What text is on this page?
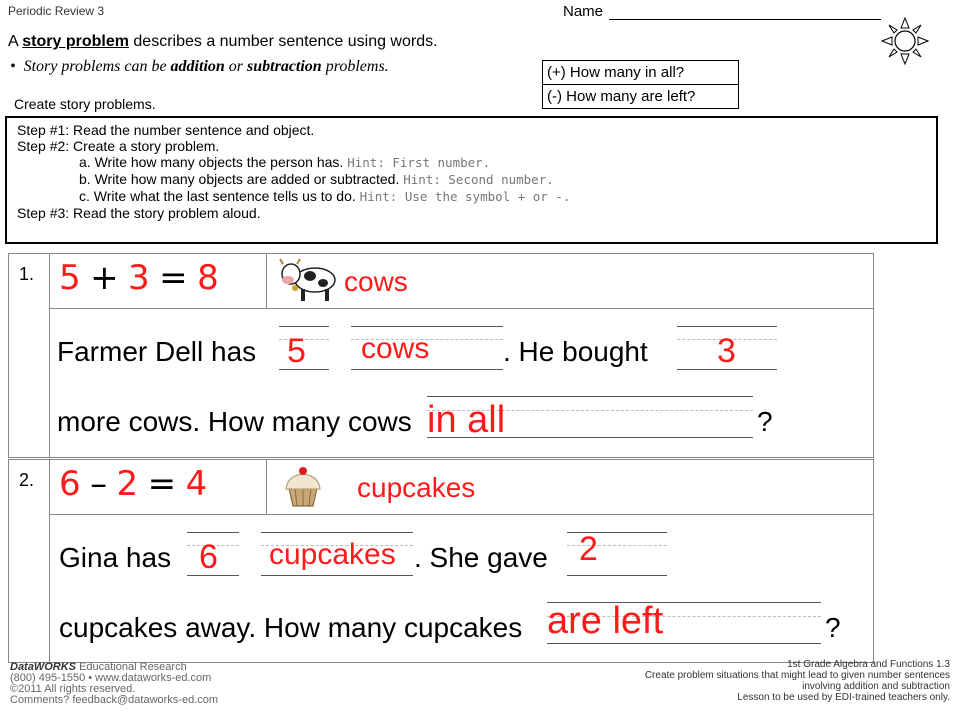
Periodic Review 3	Name
A story problem describes a number sentence using words.
•  Story problems can be addition or subtraction problems.	(+) How many in all?
(-) How many are left?
Create story problems.
Step #1: Read the number sentence and object.
Step #2: Create a story problem.
a. Write how many objects the person has. Hint: First number.
b. Write how many objects are added or subtracted. Hint: Second number.
c. Write what the last sentence tells us to do. Hint: Use the symbol + or -.
Step #3: Read the story problem aloud.
1. 5 + 3 = 8	cows
Farmer Dell has 5 cows	. He bought 3
more cows. How many cows in all	?
2. 6 – 2 = 4	cupcakes
Gina has 6 cupcakes . She gave 2
cupcakes away. How many cupcakes are left	?
DataWORKS Educational Research
(800) 495-1550 • www.dataworks-ed.com
©2011 All rights reserved.
Comments? feedback@dataworks-ed.com
1st Grade Algebra and Functions 1.3
Create problem situations that might lead to given number sentences
involving addition and subtraction
Lesson to be used by EDI-trained teachers only.
